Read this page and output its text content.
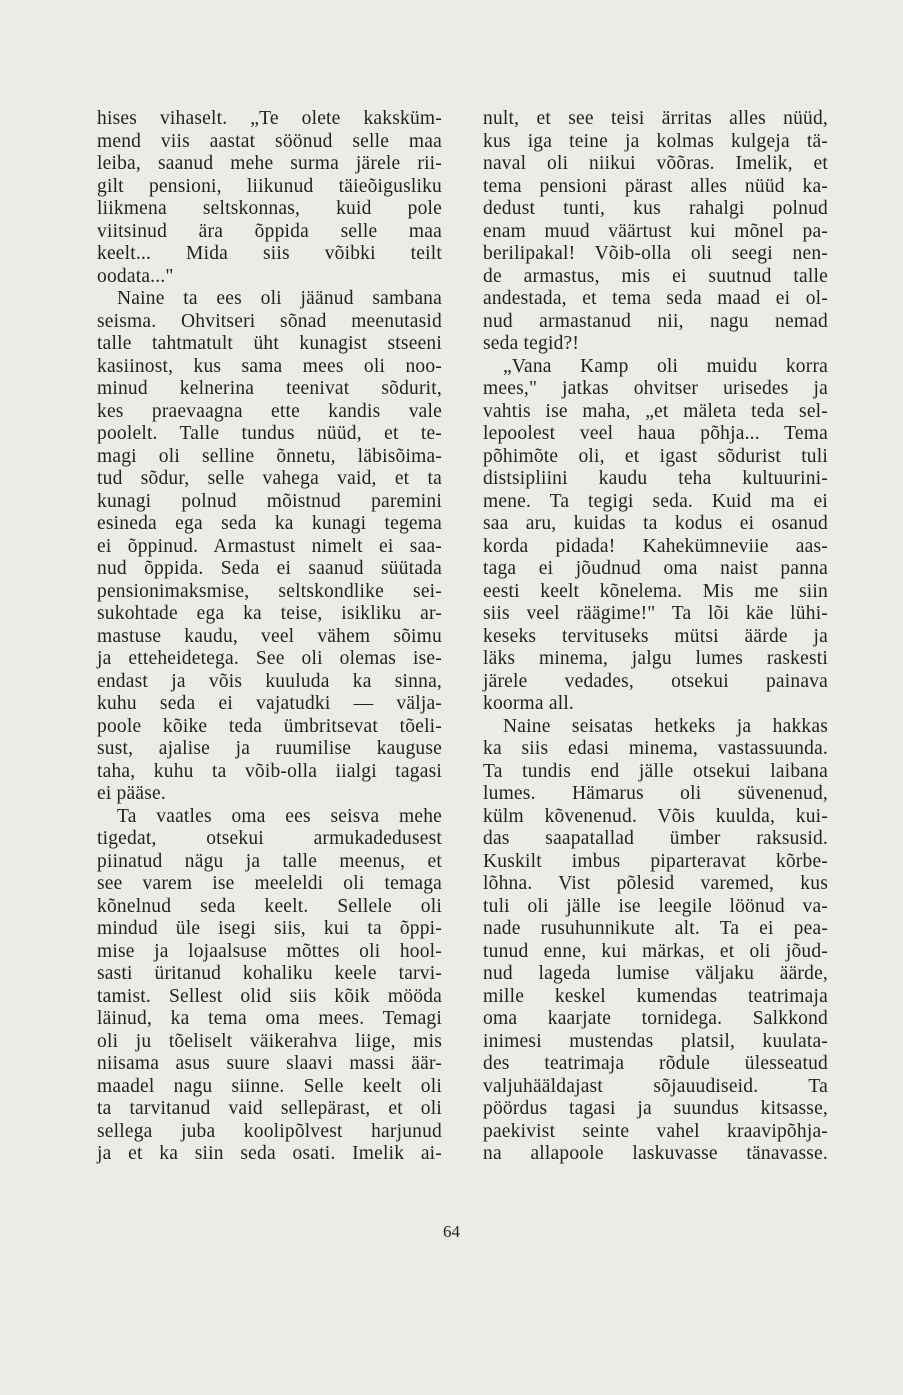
hises vihaselt. „Te olete kaksküm-
mend viis aastat söönud selle maa
leiba, saanud mehe surma järele rii-
gilt pensioni, liikunud täieõigusliku
liikmena seltskonnas, kuid pole
viitsinud ära õppida selle maa
keelt... Mida siis võibki teilt
oodata..."
Naine ta ees oli jäänud sambana
seisma. Ohvitseri sõnad meenutasid
talle tahtmatult üht kunagist stseeni
kasiinost, kus sama mees oli noo-
minud kelnerina teenivat sõdurit,
kes praevaagna ette kandis vale
poolelt. Talle tundus nüüd, et te-
magi oli selline õnnetu, läbisõima-
tud sõdur, selle vahega vaid, et ta
kunagi polnud mõistnud paremini
esineda ega seda ka kunagi tegema
ei õppinud. Armastust nimelt ei saa-
nud õppida. Seda ei saanud süütada
pensionimaksmise, seltskondlike sei-
sukohtade ega ka teise, isikliku ar-
mastuse kaudu, veel vähem sõimu
ja etteheidetega. See oli olemas ise-
endast ja võis kuuluda ka sinna,
kuhu seda ei vajatudki — välja-
poole kõike teda ümbritsevat tõeli-
sust, ajalise ja ruumilise kauguse
taha, kuhu ta võib-olla iialgi tagasi
ei pääse.
Ta vaatles oma ees seisva mehe
tigedat, otsekui armukadedusest
piinatud nägu ja talle meenus, et
see varem ise meeleldi oli temaga
kõnelnud seda keelt. Sellele oli
mindud üle isegi siis, kui ta õppi-
mise ja lojaalsuse mõttes oli hool-
sasti üritanud kohaliku keele tarvi-
tamist. Sellest olid siis kõik mööda
läinud, ka tema oma mees. Temagi
oli ju tõeliselt väikerahva liige, mis
niisama asus suure slaavi massi äär-
maadel nagu siinne. Selle keelt oli
ta tarvitanud vaid sellepärast, et oli
sellega juba koolipõlvest harjunud
ja et ka siin seda osati. Imelik ai-
nult, et see teisi ärritas alles nüüd,
kus iga teine ja kolmas kulgeja tä-
naval oli niikui võõras. Imelik, et
tema pensioni pärast alles nüüd ka-
dedust tunti, kus rahalgi polnud
enam muud väärtust kui mõnel pa-
berilipakal! Võib-olla oli seegi nen-
de armastus, mis ei suutnud talle
andestada, et tema seda maad ei ol-
nud armastanud nii, nagu nemad
seda tegid?!
„Vana Kamp oli muidu korra
mees," jatkas ohvitser urisedes ja
vahtis ise maha, „et mäleta teda sel-
lepoolest veel haua põhja... Tema
põhimõte oli, et igast sõdurist tuli
distsipliini kaudu teha kultuurini-
mene. Ta tegigi seda. Kuid ma ei
saa aru, kuidas ta kodus ei osanud
korda pidada! Kahekümneviie aas-
taga ei jõudnud oma naist panna
eesti keelt kõnelema. Mis me siin
siis veel räägime!" Ta lõi käe lühi-
keseks tervituseks mütsi äärde ja
läks minema, jalgu lumes raskesti
järele vedades, otsekui painava
koorma all.
Naine seisatas hetkeks ja hakkas
ka siis edasi minema, vastassuunda.
Ta tundis end jälle otsekui laibana
lumes. Hämarus oli süvenenud,
külm kõvenenud. Võis kuulda, kui-
das saapatallad ümber raksusid.
Kuskilt imbus piparteravat kõrbe-
lõhna. Vist põlesid varemed, kus
tuli oli jälle ise leegile löönud va-
nade rusuhunnikute alt. Ta ei pea-
tunud enne, kui märkas, et oli jõud-
nud lageda lumise väljaku äärde,
mille keskel kumendas teatrimaja
oma kaarjate tornidega. Salkkond
inimesi mustendas platsil, kuulata-
des teatrimaja rõdule ülesseatud
valjuhääldajast sõjauudiseid. Ta
pöördus tagasi ja suundus kitsasse,
paekivist seinte vahel kraavipõhja-
na allapoole laskuvasse tänavasse.
64
